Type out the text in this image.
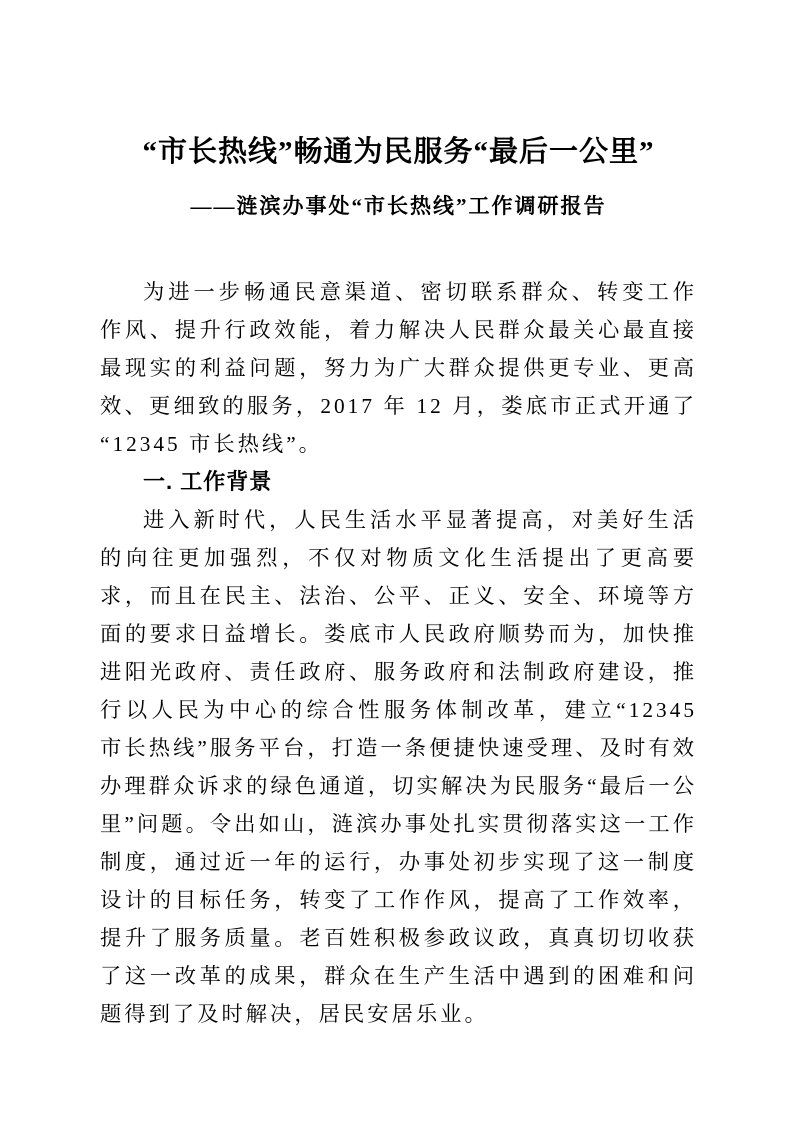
“市长热线”畅通为民服务“最后一公里”
——涟滨办事处“市长热线”工作调研报告

为进一步畅通民意渠道、密切联系群众、转变工作作风、提升行政效能，着力解决人民群众最关心最直接最现实的利益问题，努力为广大群众提供更专业、更高效、更细致的服务，2017 年 12 月，娄底市正式开通了“12345 市长热线”。

一. 工作背景

进入新时代，人民生活水平显著提高，对美好生活的向往更加强烈，不仅对物质文化生活提出了更高要求，而且在民主、法治、公平、正义、安全、环境等方面的要求日益增长。娄底市人民政府顺势而为，加快推进阳光政府、责任政府、服务政府和法制政府建设，推行以人民为中心的综合性服务体制改革，建立“12345 市长热线”服务平台，打造一条便捷快速受理、及时有效办理群众诉求的绿色通道，切实解决为民服务“最后一公里”问题。令出如山，涟滨办事处扎实贯彻落实这一工作制度，通过近一年的运行，办事处初步实现了这一制度设计的目标任务，转变了工作作风，提高了工作效率，提升了服务质量。老百姓积极参政议政，真真切切收获了这一改革的成果，群众在生产生活中遇到的困难和问题得到了及时解决，居民安居乐业。
